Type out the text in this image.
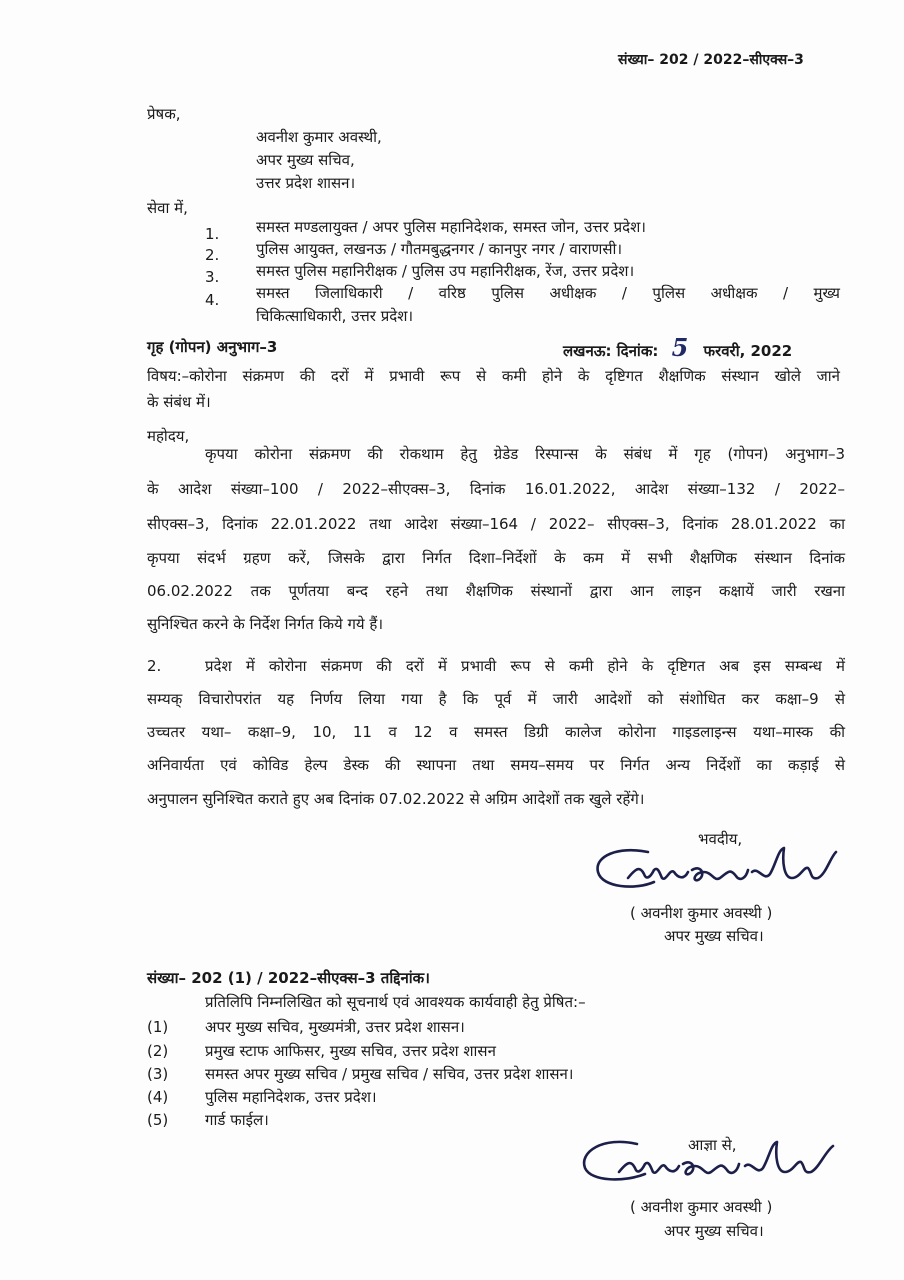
संख्या– 202 / 2022–सीएक्स–3
प्रेषक,
अवनीश कुमार अवस्थी,
अपर मुख्य सचिव,
उत्तर प्रदेश शासन।
सेवा में,
1. समस्त मण्डलायुक्त / अपर पुलिस महानिदेशक, समस्त जोन, उत्तर प्रदेश।
2. पुलिस आयुक्त, लखनऊ / गौतमबुद्धनगर / कानपुर नगर / वाराणसी।
3. समस्त पुलिस महानिरीक्षक / पुलिस उप महानिरीक्षक, रेंज, उत्तर प्रदेश।
4. समस्त जिलाधिकारी / वरिष्ठ पुलिस अधीक्षक / पुलिस अधीक्षक / मुख्य
चिकित्साधिकारी, उत्तर प्रदेश।
गृह (गोपन) अनुभाग–3	लखनऊ: दिनांक: 5 फरवरी, 2022
विषय:–कोरोना संक्रमण की दरों में प्रभावी रूप से कमी होने के दृष्टिगत शैक्षणिक संस्थान खोले जाने
के संबंध में।
महोदय,
कृपया कोरोना संक्रमण की रोकथाम हेतु ग्रेडेड रिस्पान्स के संबंध में गृह (गोपन) अनुभाग–3
के आदेश संख्या–100 / 2022–सीएक्स–3, दिनांक 16.01.2022, आदेश संख्या–132 / 2022–
सीएक्स–3, दिनांक 22.01.2022 तथा आदेश संख्या–164 / 2022– सीएक्स–3, दिनांक 28.01.2022 का
कृपया संदर्भ ग्रहण करें, जिसके द्वारा निर्गत दिशा–निर्देशों के कम में सभी शैक्षणिक संस्थान दिनांक
06.02.2022 तक पूर्णतया बन्द रहने तथा शैक्षणिक संस्थानों द्वारा आन लाइन कक्षायें जारी रखना
सुनिश्चित करने के निर्देश निर्गत किये गये हैं।
2.	प्रदेश में कोरोना संक्रमण की दरों में प्रभावी रूप से कमी होने के दृष्टिगत अब इस सम्बन्ध में
सम्यक् विचारोपरांत यह निर्णय लिया गया है कि पूर्व में जारी आदेशों को संशोधित कर कक्षा–9 से
उच्चतर यथा– कक्षा–9, 10, 11 व 12 व समस्त डिग्री कालेज कोरोना गाइडलाइन्स यथा–मास्क की
अनिवार्यता एवं कोविड हेल्प डेस्क की स्थापना तथा समय–समय पर निर्गत अन्य निर्देशों का कड़ाई से
अनुपालन सुनिश्चित कराते हुए अब दिनांक 07.02.2022 से अग्रिम आदेशों तक खुले रहेंगे।
भवदीय,
( अवनीश कुमार अवस्थी )
अपर मुख्य सचिव।
संख्या– 202 (1) / 2022–सीएक्स–3 तद्दिनांक।
प्रतिलिपि निम्नलिखित को सूचनार्थ एवं आवश्यक कार्यवाही हेतु प्रेषित:–
(1) अपर मुख्य सचिव, मुख्यमंत्री, उत्तर प्रदेश शासन।
(2) प्रमुख स्टाफ आफिसर, मुख्य सचिव, उत्तर प्रदेश शासन
(3) समस्त अपर मुख्य सचिव / प्रमुख सचिव / सचिव, उत्तर प्रदेश शासन।
(4) पुलिस महानिदेशक, उत्तर प्रदेश।
(5) गार्ड फाईल।
आज्ञा से,
( अवनीश कुमार अवस्थी )
अपर मुख्य सचिव।
